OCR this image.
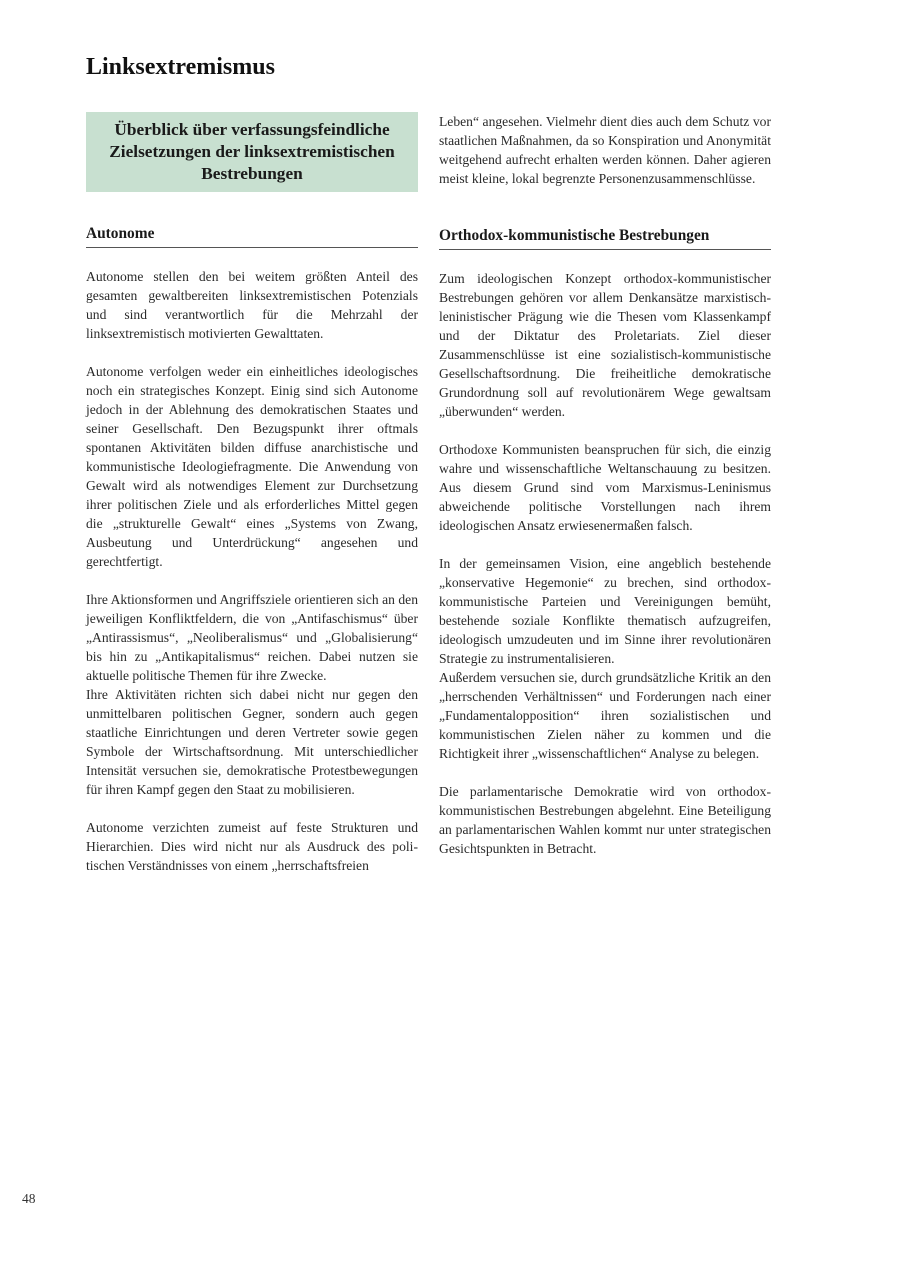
Linksextremismus
Überblick über verfassungsfeindliche Zielsetzungen der linksextremistischen Bestrebungen
Autonome

Autonome stellen den bei weitem größten Anteil des gesamten gewaltbereiten linksextremistischen Potenzials und sind verantwortlich für die Mehrzahl der linksextremistisch motivierten Gewalttaten.

Autonome verfolgen weder ein einheitliches ideologisches noch ein strategisches Konzept. Einig sind sich Autonome jedoch in der Ablehnung des demokratischen Staates und seiner Gesellschaft. Den Bezugspunkt ihrer oftmals spontanen Aktivitäten bilden diffuse anarchistische und kommunistische Ideologiefragmente. Die Anwendung von Gewalt wird als notwendiges Element zur Durchsetzung ihrer politischen Ziele und als erforderliches Mittel gegen die „strukturelle Gewalt“ eines „Systems von Zwang, Ausbeutung und Unterdrückung“ angesehen und gerechtfertigt.

Ihre Aktionsformen und Angriffsziele orientieren sich an den jeweiligen Konfliktfeldern, die von „Antifaschismus“ über „Antirassismus“, „Neoliberalismus“ und „Globalisierung“ bis hin zu „Antikapitalismus“ reichen. Dabei nutzen sie aktuelle politische Themen für ihre Zwecke.

Ihre Aktivitäten richten sich dabei nicht nur gegen den unmittelbaren politischen Gegner, sondern auch gegen staatliche Einrichtungen und deren Vertreter sowie gegen Symbole der Wirtschaftsordnung. Mit unterschiedlicher Intensität versuchen sie, demokratische Protestbewegungen für ihren Kampf gegen den Staat zu mobilisieren.

Autonome verzichten zumeist auf feste Strukturen und Hierarchien. Dies wird nicht nur als Ausdruck des politischen Verständnisses von einem „herrschaftsfreien

Leben“ angesehen. Vielmehr dient dies auch dem Schutz vor staatlichen Maßnahmen, da so Konspiration und Anonymität weitgehend aufrecht erhalten werden können. Daher agieren meist kleine, lokal begrenzte Personenzusammenschlüsse.

Orthodox-kommunistische Bestrebungen

Zum ideologischen Konzept orthodox-kommunistischer Bestrebungen gehören vor allem Denkansätze marxistisch-leninistischer Prägung wie die Thesen vom Klassenkampf und der Diktatur des Proletariats. Ziel dieser Zusammenschlüsse ist eine sozialistisch-kommunistische Gesellschaftsordnung. Die freiheitliche demokratische Grundordnung soll auf revolutionärem Wege gewaltsam „überwunden“ werden.

Orthodoxe Kommunisten beanspruchen für sich, die einzig wahre und wissenschaftliche Weltanschauung zu besitzen. Aus diesem Grund sind vom Marxismus-Leninismus abweichende politische Vorstellungen nach ihrem ideologischen Ansatz erwiesenermaßen falsch.

In der gemeinsamen Vision, eine angeblich bestehende „konservative Hegemonie“ zu brechen, sind orthodox-kommunistische Parteien und Vereinigungen bemüht, bestehende soziale Konflikte thematisch aufzugreifen, ideologisch umzudeuten und im Sinne ihrer revolutionären Strategie zu instrumentalisieren.

Außerdem versuchen sie, durch grundsätzliche Kritik an den „herrschenden Verhältnissen“ und Forderungen nach einer „Fundamentalopposition“ ihren sozialistischen und kommunistischen Zielen näher zu kommen und die Richtigkeit ihrer „wissenschaftlichen“ Analyse zu belegen.

Die parlamentarische Demokratie wird von orthodox-kommunistischen Bestrebungen abgelehnt. Eine Beteiligung an parlamentarischen Wahlen kommt nur unter strategischen Gesichtspunkten in Betracht.

48
